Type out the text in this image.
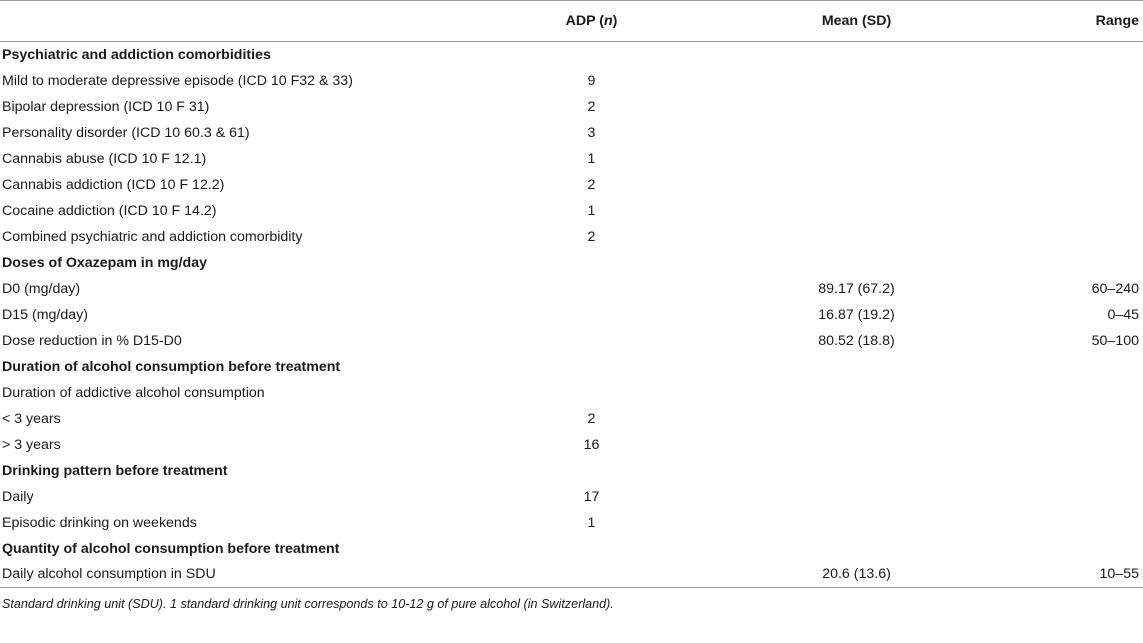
	ADP (n)	Mean (SD)	Range
Psychiatric and addiction comorbidities			
Mild to moderate depressive episode (ICD 10 F32 & 33)	9		
Bipolar depression (ICD 10 F 31)	2		
Personality disorder (ICD 10 60.3 & 61)	3		
Cannabis abuse (ICD 10 F 12.1)	1		
Cannabis addiction (ICD 10 F 12.2)	2		
Cocaine addiction (ICD 10 F 14.2)	1		
Combined psychiatric and addiction comorbidity	2		
Doses of Oxazepam in mg/day			
D0 (mg/day)		89.17 (67.2)	60–240
D15 (mg/day)		16.87 (19.2)	0–45
Dose reduction in % D15-D0		80.52 (18.8)	50–100
Duration of alcohol consumption before treatment			
Duration of addictive alcohol consumption			
< 3 years	2		
> 3 years	16		
Drinking pattern before treatment			
Daily	17		
Episodic drinking on weekends	1		
Quantity of alcohol consumption before treatment			
Daily alcohol consumption in SDU		20.6 (13.6)	10–55
Standard drinking unit (SDU). 1 standard drinking unit corresponds to 10-12 g of pure alcohol (in Switzerland).
